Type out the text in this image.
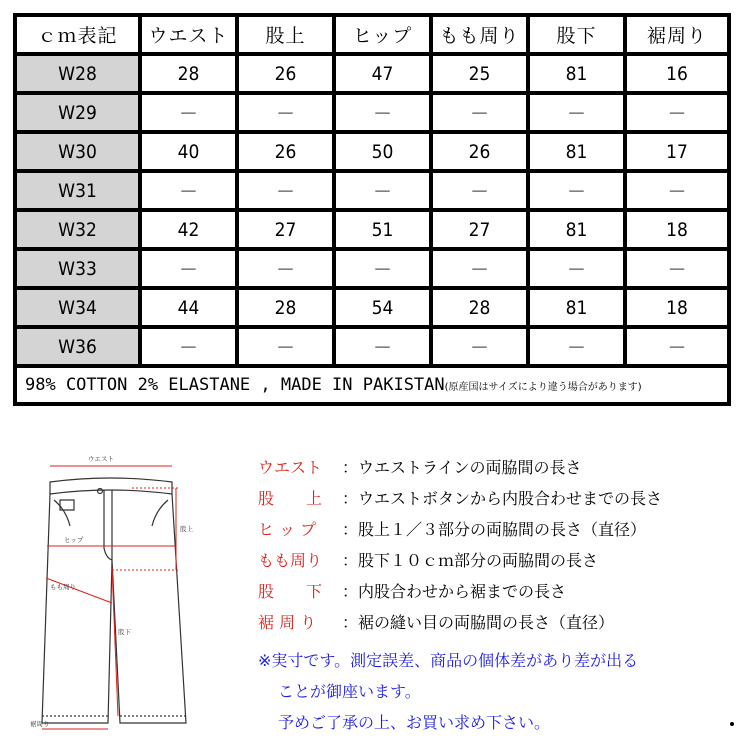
ｃｍ表記	ウエスト	股上	ヒップ	もも周り	股下	裾周り
W28	28	26	47	25	81	16
W29	－	－	－	－	－	－
W30	40	26	50	26	81	17
W31	－	－	－	－	－	－
W32	42	27	51	27	81	18
W33	－	－	－	－	－	－
W34	44	28	54	28	81	18
W36	－	－	－	－	－	－
98% COTTON 2% ELASTANE , MADE IN PAKISTAN(原産国はサイズにより違う場合があります)						
ウエスト
股上
ヒップ
もも周り
股下
裾周り
ウエスト ：ウエストラインの両脇間の長さ
股　　上 ：ウエストボタンから内股合わせまでの長さ
ヒ ッ プ ：股上１／３部分の両脇間の長さ（直径）
もも周り ：股下１０ｃｍ部分の両脇間の長さ
股　　下 ：内股合わせから裾までの長さ
裾 周 り ：裾の縫い目の両脇間の長さ（直径）
※実寸です。測定誤差、商品の個体差があり差が出る
ことが御座います。
予めご了承の上、お買い求め下さい。
